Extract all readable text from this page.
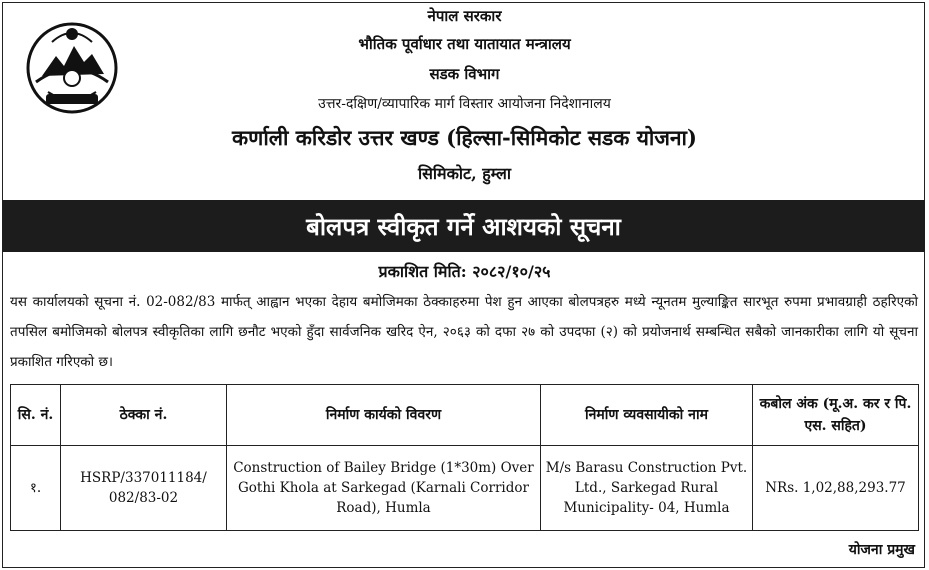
नेपाल सरकार
भौतिक पूर्वाधार तथा यातायात मन्त्रालय
सडक विभाग
उत्तर-दक्षिण/व्यापारिक मार्ग विस्तार आयोजना निदेशानालय
कर्णाली करिडोर उत्तर खण्ड (हिल्सा-सिमिकोट सडक योजना)
सिमिकोट, हुम्ला
बोलपत्र स्वीकृत गर्ने आशयको सूचना
प्रकाशित मिति: २०८२/१०/२५
यस कार्यालयको सूचना नं. 02-082/83 मार्फत् आह्वान भएका देहाय बमोजिमका ठेक्काहरुमा पेश हुन आएका बोलपत्रहरु मध्ये न्यूनतम मुल्याङ्कित सारभूत रुपमा प्रभावग्राही ठहरिएको तपसिल बमोजिमको बोलपत्र स्वीकृतिका लागि छनौट भएको हुँदा सार्वजनिक खरिद ऐन, २०६३ को दफा २७ को उपदफा (२) को प्रयोजनार्थ सम्बन्धित सबैको जानकारीका लागि यो सूचना प्रकाशित गरिएको छ।
सि. नं.	ठेक्का नं.	निर्माण कार्यको विवरण	निर्माण व्यवसायीको नाम	कबोल अंक (मू.अ. कर र पि. एस. सहित)
१.	HSRP/337011184/ 082/83-02	Construction of Bailey Bridge (1*30m) Over Gothi Khola at Sarkegad (Karnali Corridor Road), Humla	M/s Barasu Construction Pvt. Ltd., Sarkegad Rural Municipality- 04, Humla	NRs. 1,02,88,293.77
योजना प्रमुख
